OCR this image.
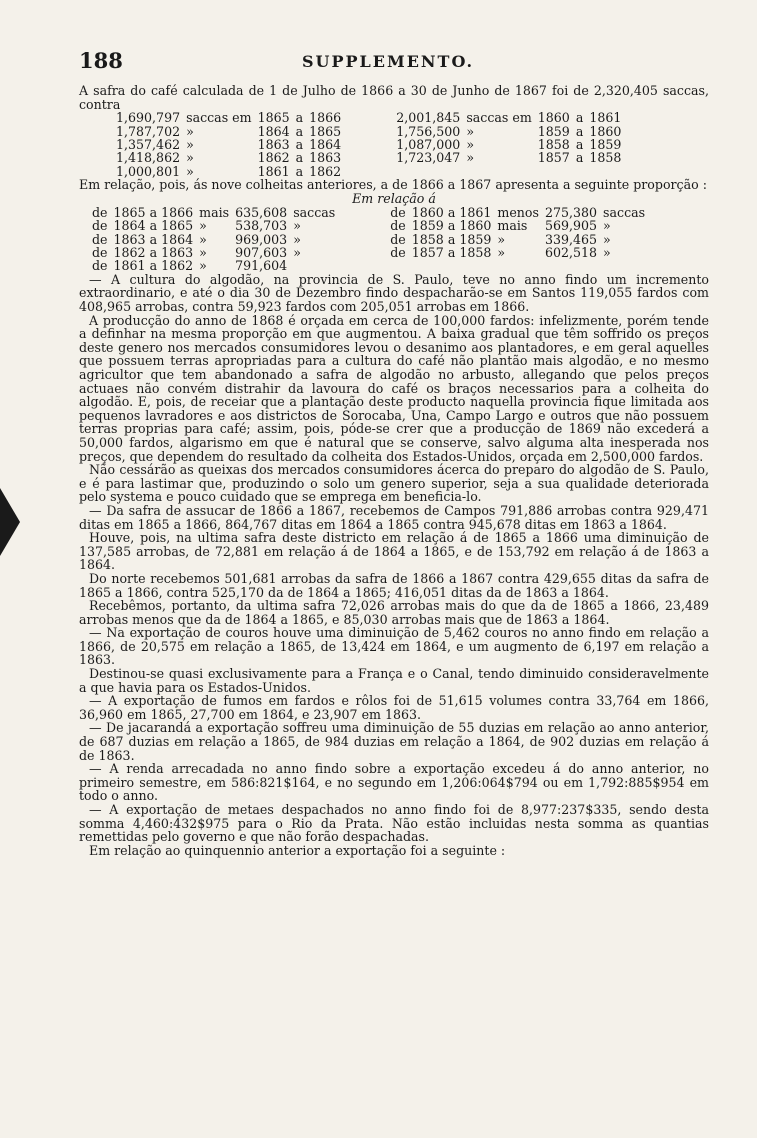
188	SUPPLEMENTO.

A safra do café calculada de 1 de Julho de 1866 a 30 de Junho de 1867 foi de 2,320,405 saccas, contra

1,690,797	saccas em	1865	a	1866	2,001,845	saccas em	1860	a	1861
1,787,702	»	1864	a	1865	1,756,500	»	1859	a	1860
1,357,462	»	1863	a	1864	1,087,000	»	1858	a	1859
1,418,862	»	1862	a	1863	1,723,047	»	1857	a	1858
1,000,801	»	1861	a	1862					

Em relação, pois, ás nove colheitas anteriores, a de 1866 a 1867 apresenta a seguinte proporção :

Em relação á
de	1865 a 1866	mais	635,608	saccas	de	1860 a 1861	menos	275,380	saccas
de	1864 a 1865	»	538,703	»	de	1859 a 1860	mais	569,905	»
de	1863 a 1864	»	969,003	»	de	1858 a 1859	»	339,465	»
de	1862 a 1863	»	907,603	»	de	1857 a 1858	»	602,518	»
de	1861 a 1862	»	791,604						

— A cultura do algodão, na provincia de S. Paulo, teve no anno findo um incremento extraordinario, e até o dia 30 de Dezembro findo despacharão-se em Santos 119,055 fardos com 408,965 arrobas, contra 59,923 fardos com 205,051 arrobas em 1866.

A producção do anno de 1868 é orçada em cerca de 100,000 fardos: infelizmente, porém tende a definhar na mesma proporção em que augmentou. A baixa gradual que têm soffrido os preços deste genero nos mercados consumidores levou o desanimo aos plantadores, e em geral aquelles que possuem terras apropriadas para a cultura do café não plantão mais algodão, e no mesmo agricultor que tem abandonado a safra de algodão no arbusto, allegando que pelos preços actuaes não convém distrahir da lavoura do café os braços necessarios para a colheita do algodão. E, pois, de receiar que a plantação deste producto naquella provincia fique limitada aos pequenos lavradores e aos districtos de Sorocaba, Una, Campo Largo e outros que não possuem terras proprias para café; assim, pois, póde-se crer que a producção de 1869 não excederá a 50,000 fardos, algarismo em que é natural que se conserve, salvo alguma alta inesperada nos preços, que dependem do resultado da colheita dos Estados-Unidos, orçada em 2,500,000 fardos.

Não cessárão as queixas dos mercados consumidores ácerca do preparo do algodão de S. Paulo, e é para lastimar que, produzindo o solo um genero superior, seja a sua qualidade deteriorada pelo systema e pouco cuidado que se emprega em beneficia-lo.

— Da safra de assucar de 1866 a 1867, recebemos de Campos 791,886 arrobas contra 929,471 ditas em 1865 a 1866, 864,767 ditas em 1864 a 1865 contra 945,678 ditas em 1863 a 1864.

Houve, pois, na ultima safra deste districto em relação á de 1865 a 1866 uma diminuição de 137,585 arrobas, de 72,881 em relação á de 1864 a 1865, e de 153,792 em relação á de 1863 a 1864.

Do norte recebemos 501,681 arrobas da safra de 1866 a 1867 contra 429,655 ditas da safra de 1865 a 1866, contra 525,170 da de 1864 a 1865; 416,051 ditas da de 1863 a 1864.

Recebêmos, portanto, da ultima safra 72,026 arrobas mais do que da de 1865 a 1866, 23,489 arrobas menos que da de 1864 a 1865, e 85,030 arrobas mais que de 1863 a 1864.

— Na exportação de couros houve uma diminuição de 5,462 couros no anno findo em relação a 1866, de 20,575 em relação a 1865, de 13,424 em 1864, e um augmento de 6,197 em relação a 1863.

Destinou-se quasi exclusivamente para a França e o Canal, tendo diminuido consideravelmente a que havia para os Estados-Unidos.

— A exportação de fumos em fardos e rôlos foi de 51,615 volumes contra 33,764 em 1866, 36,960 em 1865, 27,700 em 1864, e 23,907 em 1863.

— De jacarandá a exportação soffreu uma diminuição de 55 duzias em relação ao anno anterior, de 687 duzias em relação a 1865, de 984 duzias em relação a 1864, de 902 duzias em relação á de 1863.

— A renda arrecadada no anno findo sobre a exportação excedeu á do anno anterior, no primeiro semestre, em 586:821$164, e no segundo em 1,206:064$794 ou em 1,792:885$954 em todo o anno.

— A exportação de metaes despachados no anno findo foi de 8,977:237$335, sendo desta somma 4,460:432$975 para o Rio da Prata. Não estão incluidas nesta somma as quantias remettidas pelo governo e que não forão despachadas.

Em relação ao quinquennio anterior a exportação foi a seguinte :
